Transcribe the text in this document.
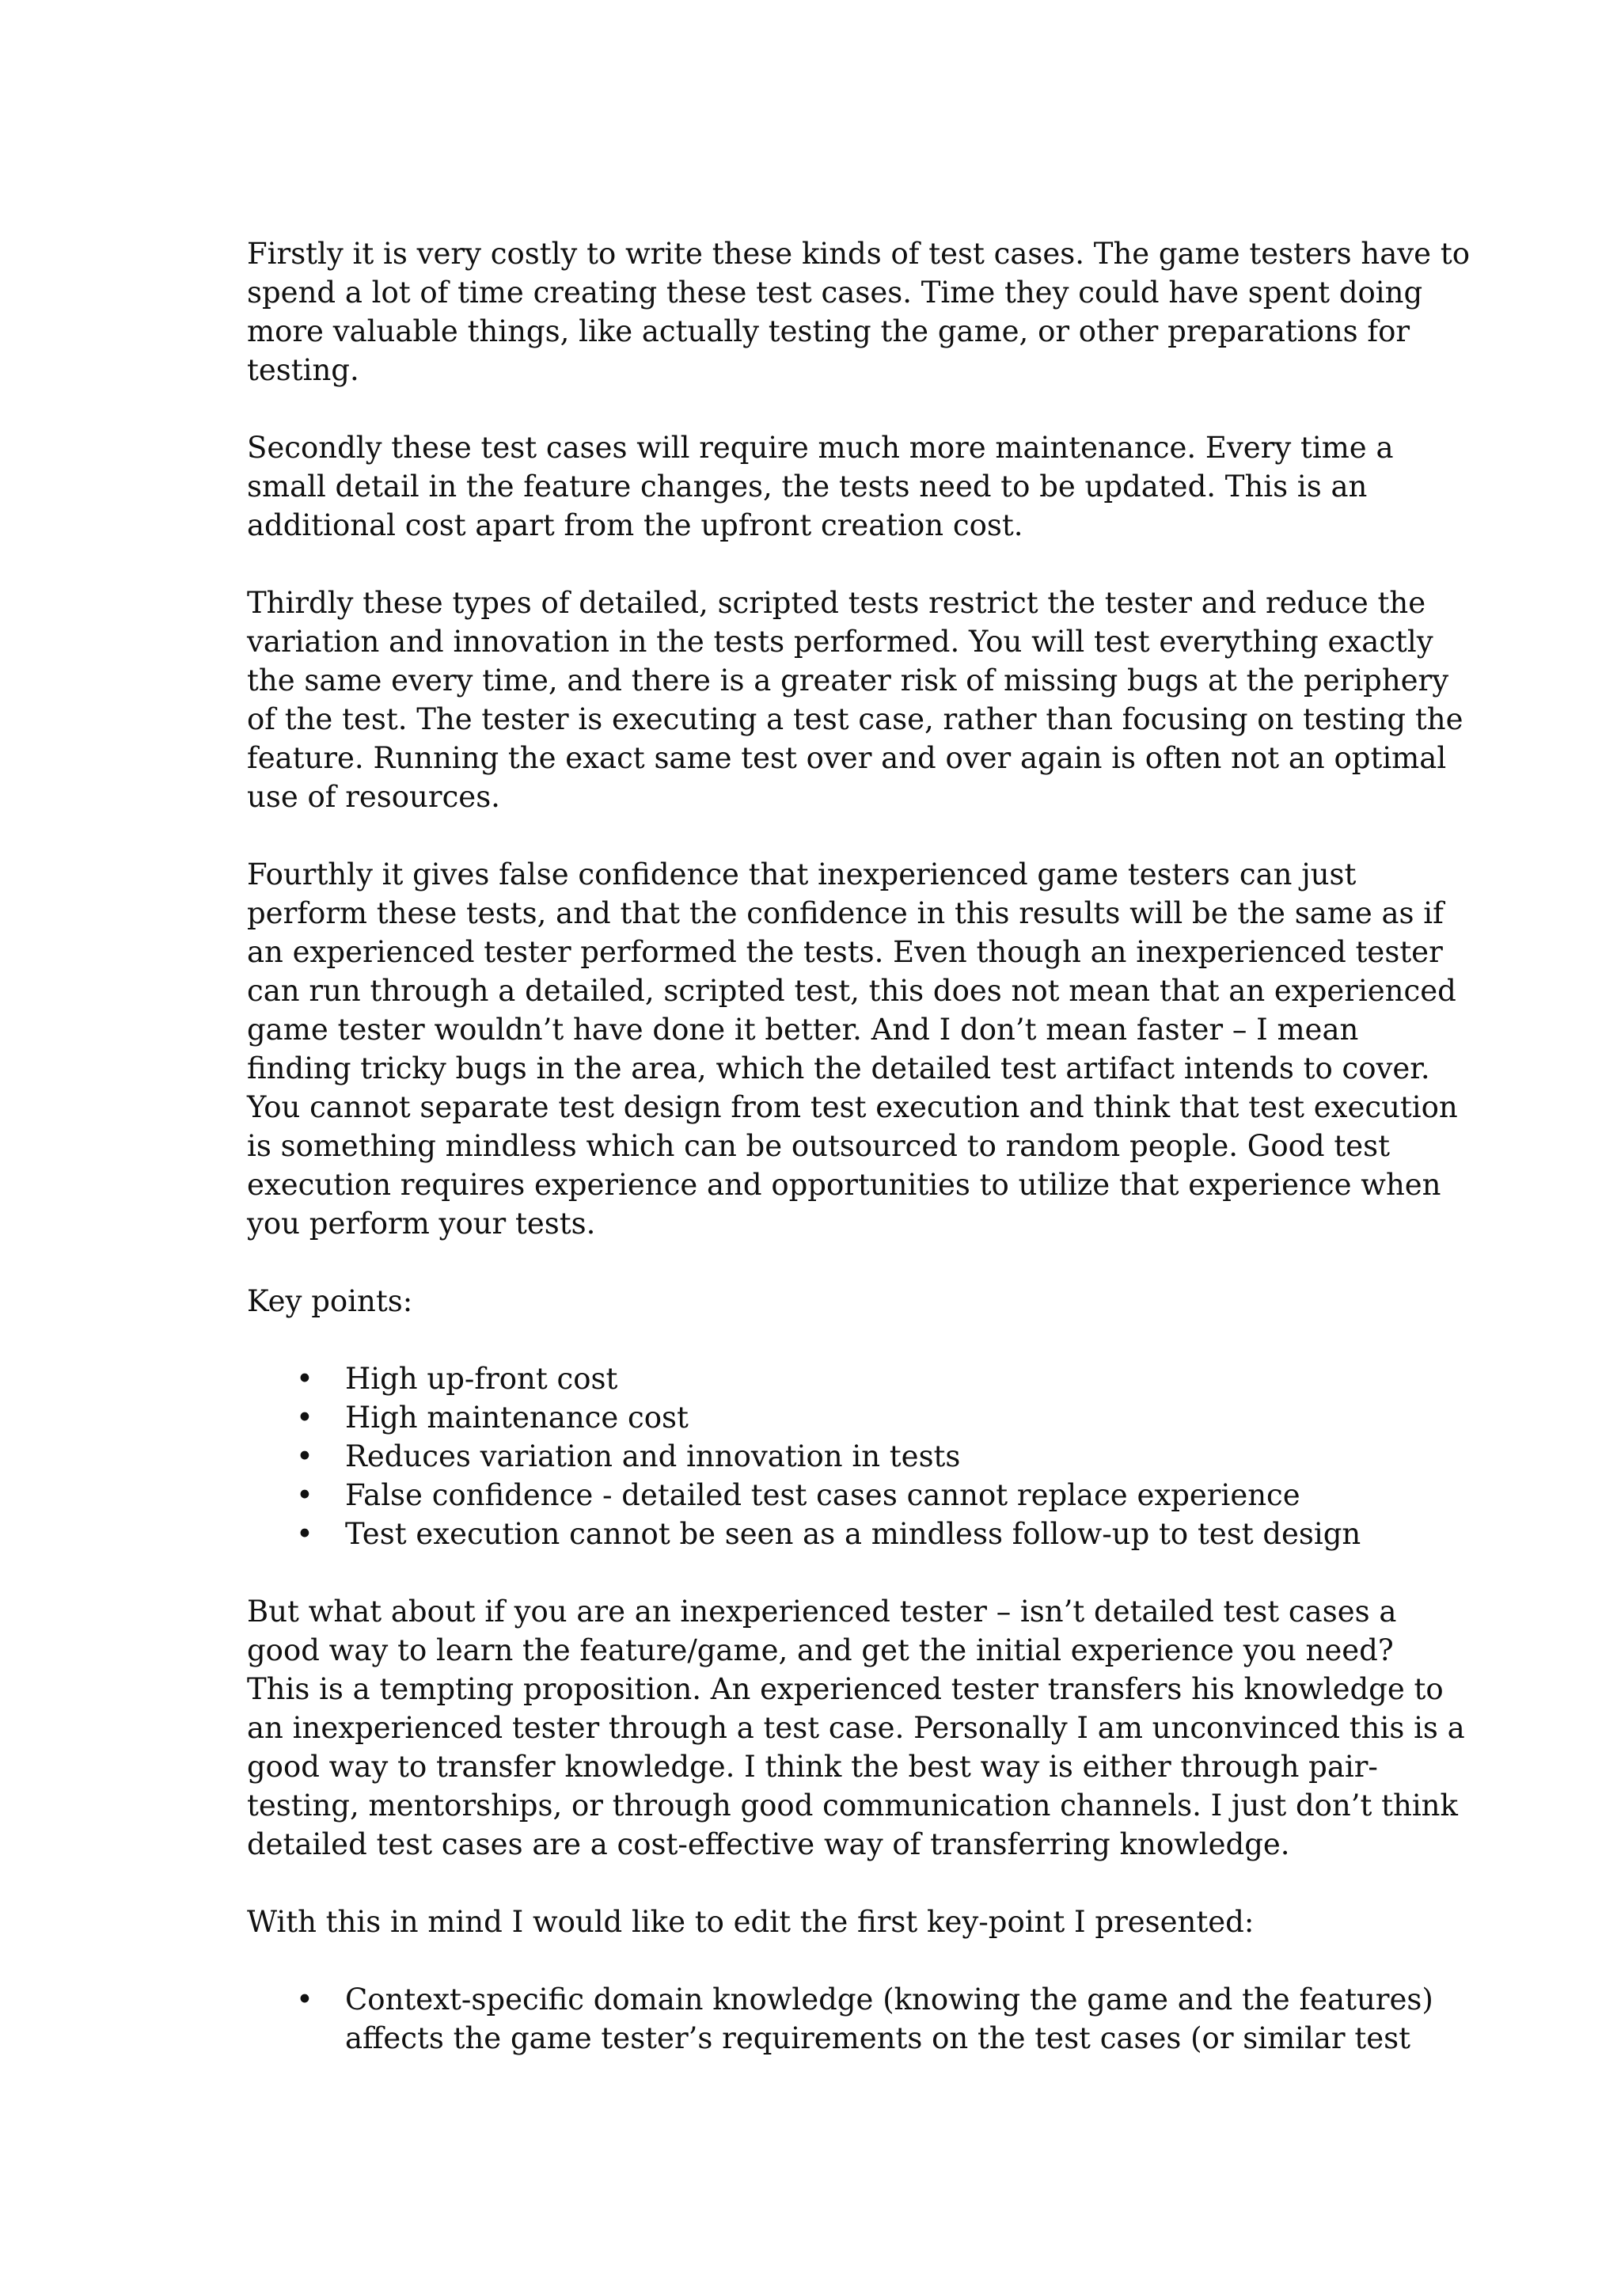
Firstly it is very costly to write these kinds of test cases. The game testers have to
spend a lot of time creating these test cases. Time they could have spent doing
more valuable things, like actually testing the game, or other preparations for
testing.

Secondly these test cases will require much more maintenance. Every time a
small detail in the feature changes, the tests need to be updated. This is an
additional cost apart from the upfront creation cost.

Thirdly these types of detailed, scripted tests restrict the tester and reduce the
variation and innovation in the tests performed. You will test everything exactly
the same every time, and there is a greater risk of missing bugs at the periphery
of the test. The tester is executing a test case, rather than focusing on testing the
feature. Running the exact same test over and over again is often not an optimal
use of resources.

Fourthly it gives false confidence that inexperienced game testers can just
perform these tests, and that the confidence in this results will be the same as if
an experienced tester performed the tests. Even though an inexperienced tester
can run through a detailed, scripted test, this does not mean that an experienced
game tester wouldn’t have done it better. And I don’t mean faster – I mean
finding tricky bugs in the area, which the detailed test artifact intends to cover.
You cannot separate test design from test execution and think that test execution
is something mindless which can be outsourced to random people. Good test
execution requires experience and opportunities to utilize that experience when
you perform your tests.

Key points:

• High up-front cost
• High maintenance cost
• Reduces variation and innovation in tests
• False confidence - detailed test cases cannot replace experience
• Test execution cannot be seen as a mindless follow-up to test design

But what about if you are an inexperienced tester – isn’t detailed test cases a
good way to learn the feature/game, and get the initial experience you need?
This is a tempting proposition. An experienced tester transfers his knowledge to
an inexperienced tester through a test case. Personally I am unconvinced this is a
good way to transfer knowledge. I think the best way is either through pair-
testing, mentorships, or through good communication channels. I just don’t think
detailed test cases are a cost-effective way of transferring knowledge.

With this in mind I would like to edit the first key-point I presented:

• Context-specific domain knowledge (knowing the game and the features)
affects the game tester’s requirements on the test cases (or similar test
